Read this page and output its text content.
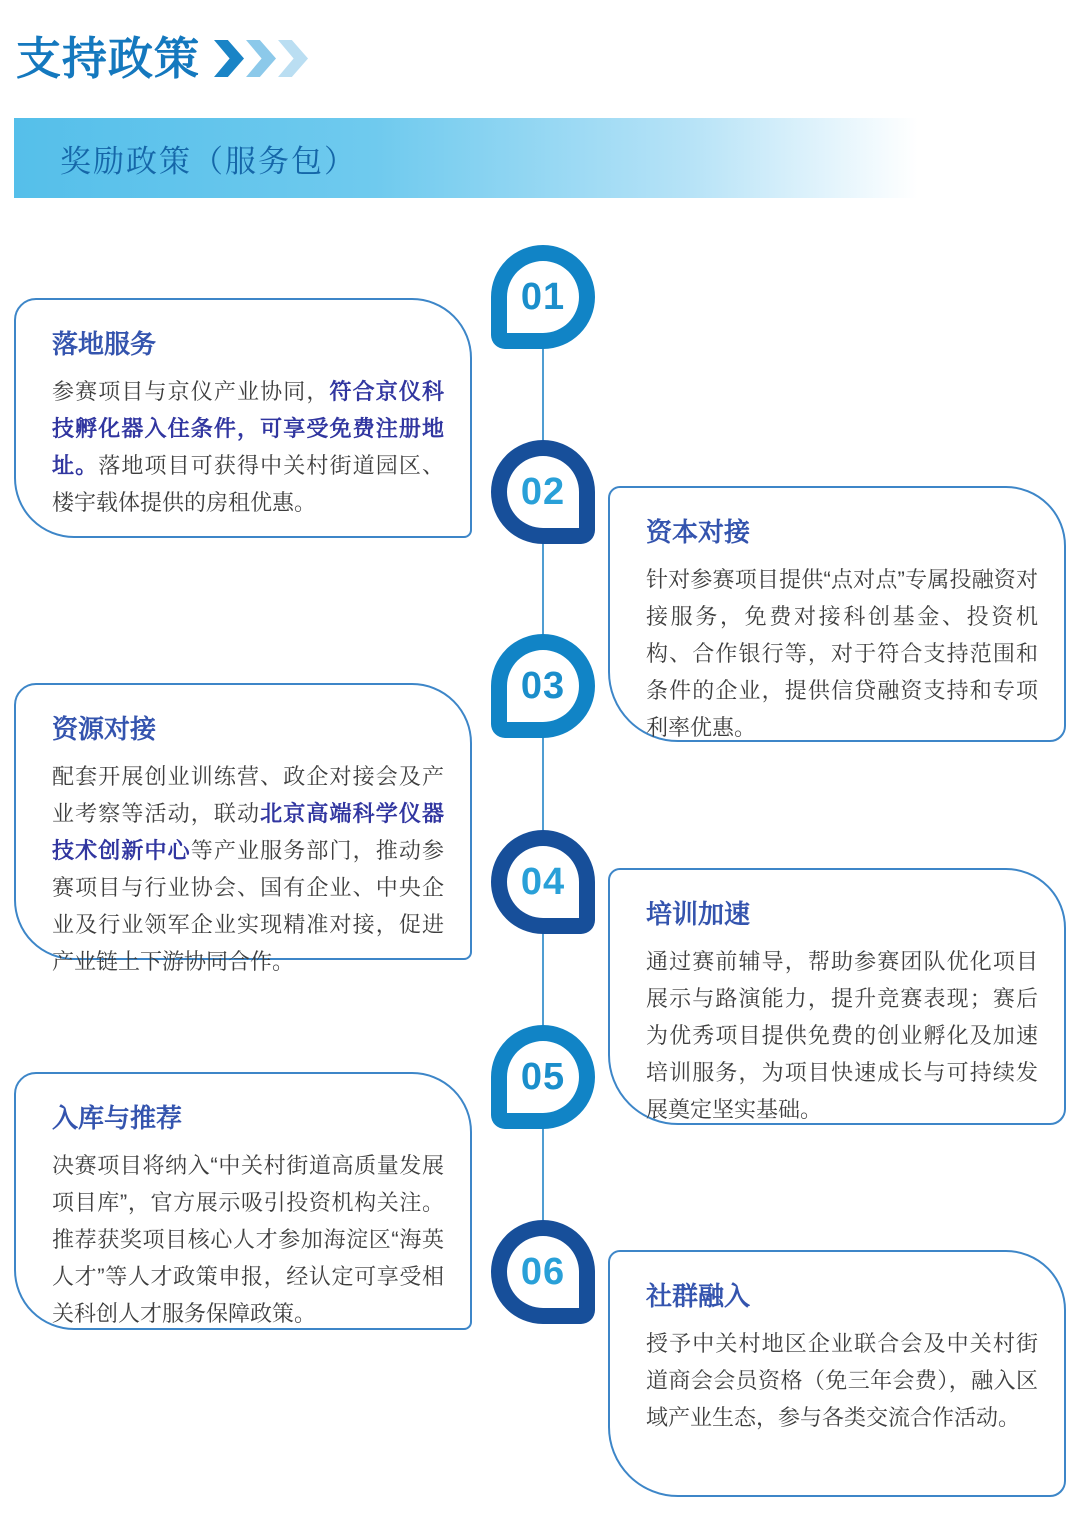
支持政策
奖励政策（服务包）
01
02
03
04
05
06
落地服务

参赛项目与京仪产业协同，符合京仪科技孵化器入住条件，可享受免费注册地址。落地项目可获得中关村街道园区、楼宇载体提供的房租优惠。

资本对接

针对参赛项目提供“点对点”专属投融资对接服务，免费对接科创基金、投资机构、合作银行等，对于符合支持范围和条件的企业，提供信贷融资支持和专项利率优惠。

资源对接

配套开展创业训练营、政企对接会及产业考察等活动，联动北京高端科学仪器技术创新中心等产业服务部门，推动参赛项目与行业协会、国有企业、中央企业及行业领军企业实现精准对接，促进产业链上下游协同合作。

培训加速

通过赛前辅导，帮助参赛团队优化项目展示与路演能力，提升竞赛表现；赛后为优秀项目提供免费的创业孵化及加速培训服务，为项目快速成长与可持续发展奠定坚实基础。

入库与推荐

决赛项目将纳入“中关村街道高质量发展项目库”，官方展示吸引投资机构关注。推荐获奖项目核心人才参加海淀区“海英人才”等人才政策申报，经认定可享受相关科创人才服务保障政策。

社群融入

授予中关村地区企业联合会及中关村街道商会会员资格（免三年会费），融入区域产业生态，参与各类交流合作活动。
